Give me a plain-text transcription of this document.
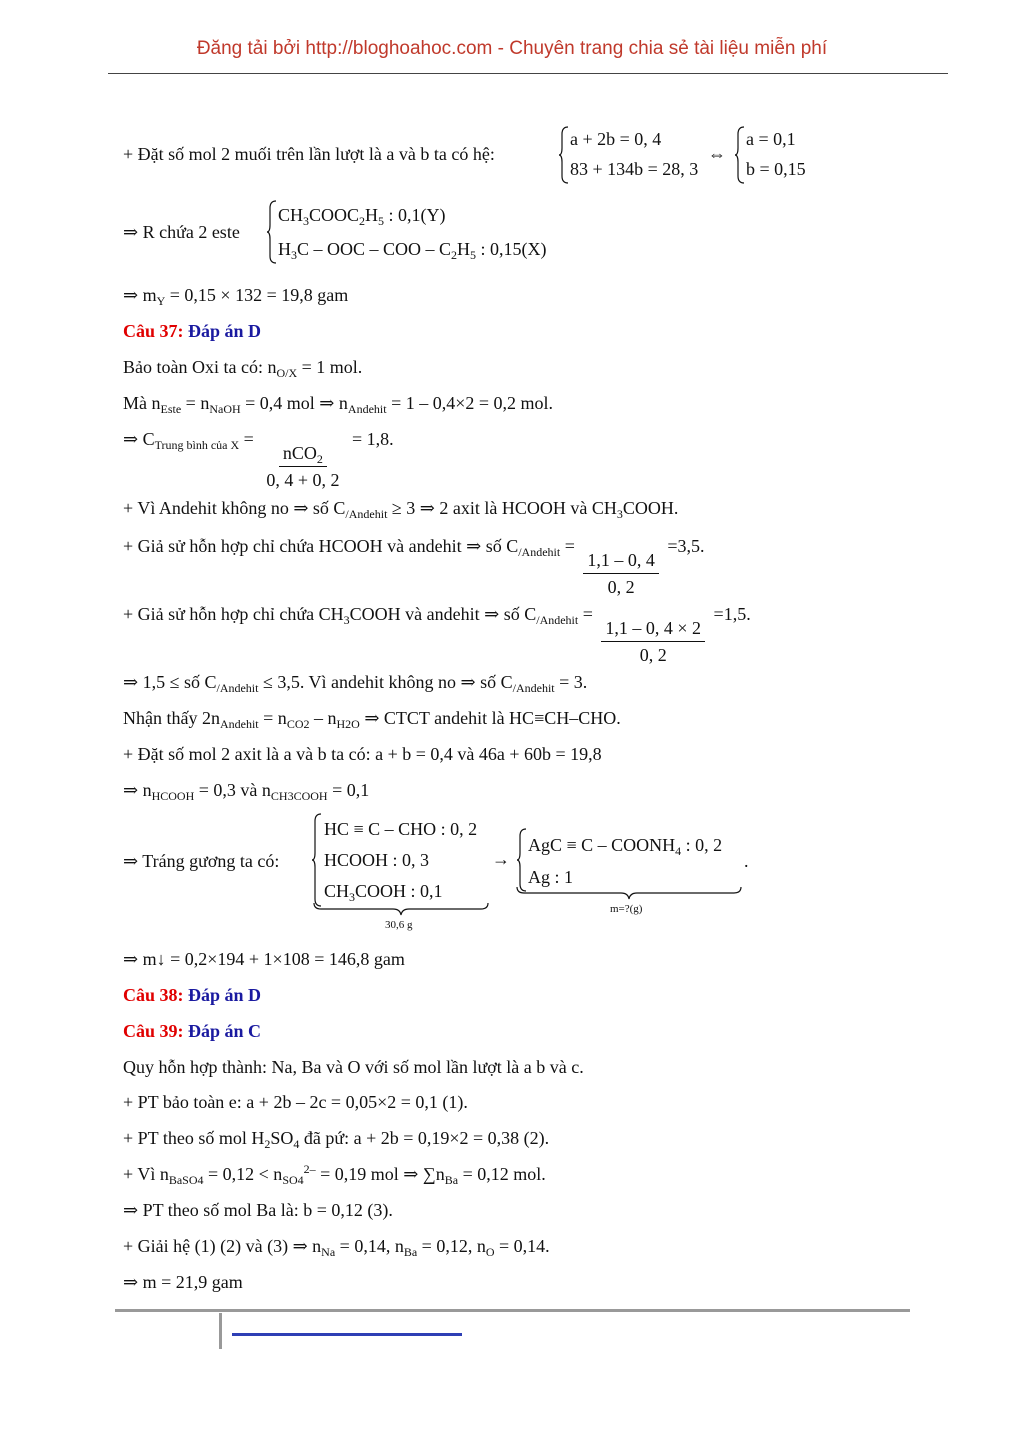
Đăng tải bởi http://bloghoahoc.com - Chuyên trang chia sẻ tài liệu miễn phí
+ Đặt số mol 2 muối trên lần lượt là a và b ta có hệ:
a + 2b = 0, 4
83 + 134b = 28, 3
⇔
a = 0,1
b = 0,15
⇒ R chứa 2 este
$CH_3COOC_2H_5$ : 0,1(Y)
$H_3C$ – OOC – COO – $C_2H_5$ : 0,15(X)
⇒ $m_Y = 0,15 \times 132 = 19,8$ gam
Câu 37: Đáp án D
Bảo toàn Oxi ta có: $n_{O/X} = 1$ mol.
Mà $n_{Este} = n_{NaOH} = 0,4$ mol ⇒ $n_{Andehit} = 1 - 0,4\times 2 = 0,2$ mol.
⇒ $C_{Trung bình của X}$ =
$\frac{nCO_2}{0, 4 + 0, 2}$
= 1,8.
+ Vì Andehit không no ⇒ số $C_{/Andehit} \ge 3$ ⇒ 2 axit là HCOOH và $CH_3COOH$.
+ Giả sử hỗn hợp chỉ chứa HCOOH và andehit ⇒ số $C_{/Andehit}$ =
$\frac{1,1 - 0, 4}{0, 2}$
=3,5.
+ Giả sử hỗn hợp chỉ chứa $CH_3COOH$ và andehit ⇒ số $C_{/Andehit}$ =
$\frac{1,1 - 0, 4 \times 2}{0, 2}$
=1,5.
⇒ 1,5 ≤ số $C_{/Andehit} \le 3,5$. Vì andehit không no ⇒ số $C_{/Andehit} = 3$.
Nhận thấy $2n_{Andehit} = n_{CO2} - n_{H2O}$ ⇒ CTCT andehit là HC≡CH–CHO.
+ Đặt số mol 2 axit là a và b ta có: a + b = 0,4 và 46a + 60b = 19,8
⇒ $n_{HCOOH} = 0,3$ và $n_{CH3COOH} = 0,1$
⇒ Tráng gương ta có:
HC ≡ C – CHO : 0, 2
HCOOH : 0, 3
$CH_3COOH$ : 0,1
30,6 g
→
AgC ≡ C – $COONH_4$ : 0, 2
Ag : 1
.
m=?(g)
⇒ m↓ = 0,2×194 + 1×108 = 146,8 gam
Câu 38: Đáp án D
Câu 39: Đáp án C
Quy hỗn hợp thành: Na, Ba và O với số mol lần lượt là a b và c.
+ PT bảo toàn e: a + 2b – 2c = 0,05×2 = 0,1 (1).
+ PT theo số mol $H_2SO_4$ đã pứ: a + 2b = 0,19×2 = 0,38 (2).
+ Vì $n_{BaSO4} = 0,12 < n_{SO4}^{2-} = 0,19$ mol ⇒ $\sum n_{Ba} = 0,12$ mol.
⇒ PT theo số mol Ba là: b = 0,12 (3).
+ Giải hệ (1) (2) và (3) ⇒ $n_{Na} = 0,14$, $n_{Ba} = 0,12$, $n_O = 0,14$.
⇒ m = 21,9 gam
